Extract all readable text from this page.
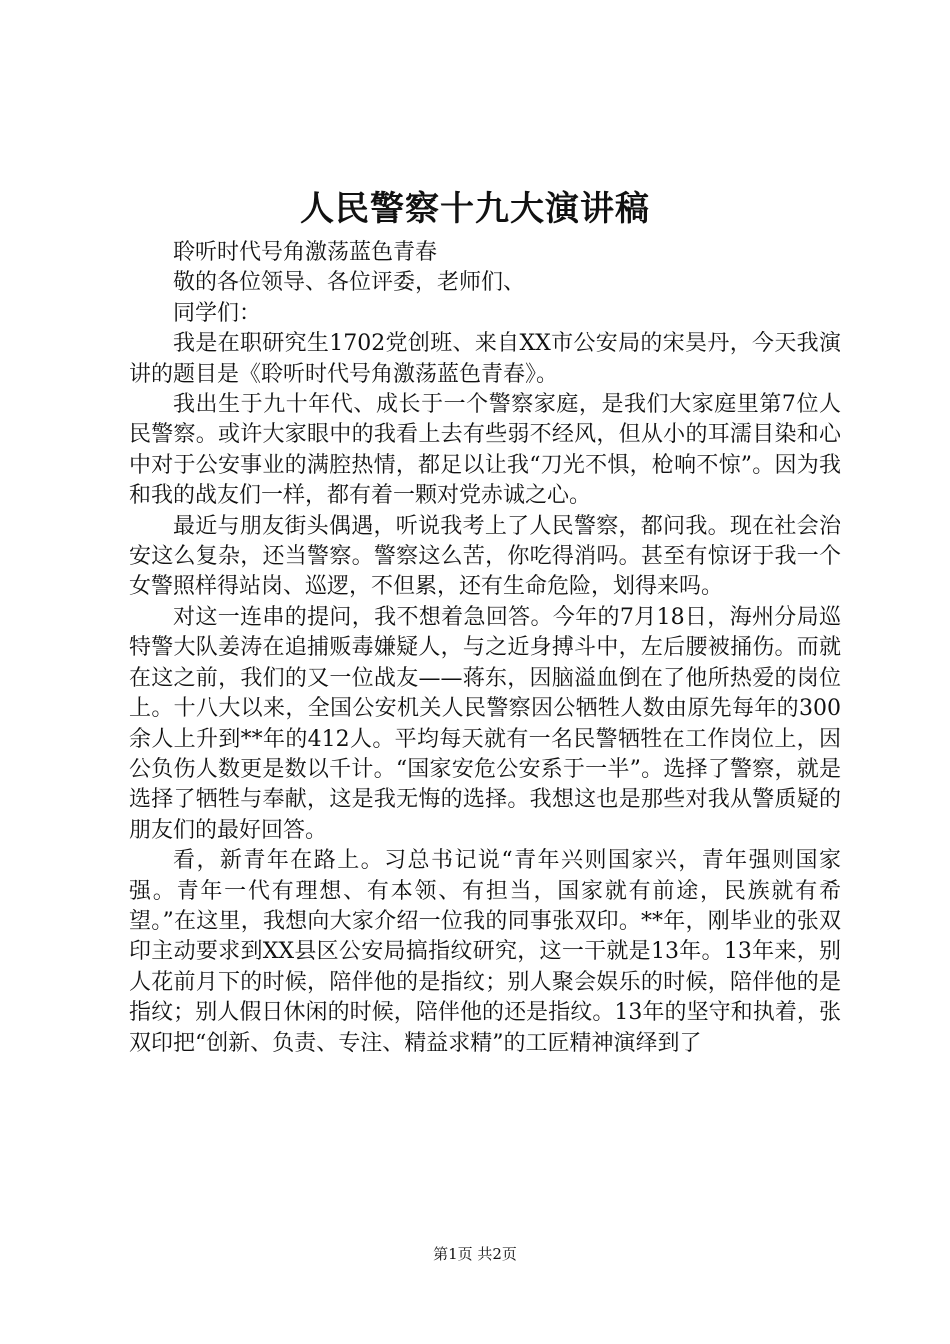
人民警察十九大演讲稿

聆听时代号角激荡蓝色青春

敬的各位领导、各位评委，老师们、

同学们：

我是在职研究生1702党创班、来自XX市公安局的宋昊丹，今天我演讲的题目是《聆听时代号角激荡蓝色青春》。

我出生于九十年代、成长于一个警察家庭，是我们大家庭里第7位人民警察。或许大家眼中的我看上去有些弱不经风，但从小的耳濡目染和心中对于公安事业的满腔热情，都足以让我“刀光不惧，枪响不惊”。因为我和我的战友们一样，都有着一颗对党赤诚之心。

最近与朋友街头偶遇，听说我考上了人民警察，都问我。现在社会治安这么复杂，还当警察。警察这么苦，你吃得消吗。甚至有惊讶于我一个女警照样得站岗、巡逻，不但累，还有生命危险，划得来吗。

对这一连串的提问，我不想着急回答。今年的7月18日，海州分局巡特警大队姜涛在追捕贩毒嫌疑人，与之近身搏斗中，左后腰被捅伤。而就在这之前，我们的又一位战友——蒋东，因脑溢血倒在了他所热爱的岗位上。十八大以来，全国公安机关人民警察因公牺牲人数由原先每年的300余人上升到**年的412人。平均每天就有一名民警牺牲在工作岗位上，因公负伤人数更是数以千计。“国家安危公安系于一半”。选择了警察，就是选择了牺牲与奉献，这是我无悔的选择。我想这也是那些对我从警质疑的朋友们的最好回答。

看，新青年在路上。习总书记说“青年兴则国家兴，青年强则国家强。青年一代有理想、有本领、有担当，国家就有前途，民族就有希望。”在这里，我想向大家介绍一位我的同事张双印。**年，刚毕业的张双印主动要求到XX县区公安局搞指纹研究，这一干就是13年。13年来，别人花前月下的时候，陪伴他的是指纹；别人聚会娱乐的时候，陪伴他的是指纹；别人假日休闲的时候，陪伴他的还是指纹。13年的坚守和执着，张双印把“创新、负责、专注、精益求精”的工匠精神演绎到了

第1页 共2页
